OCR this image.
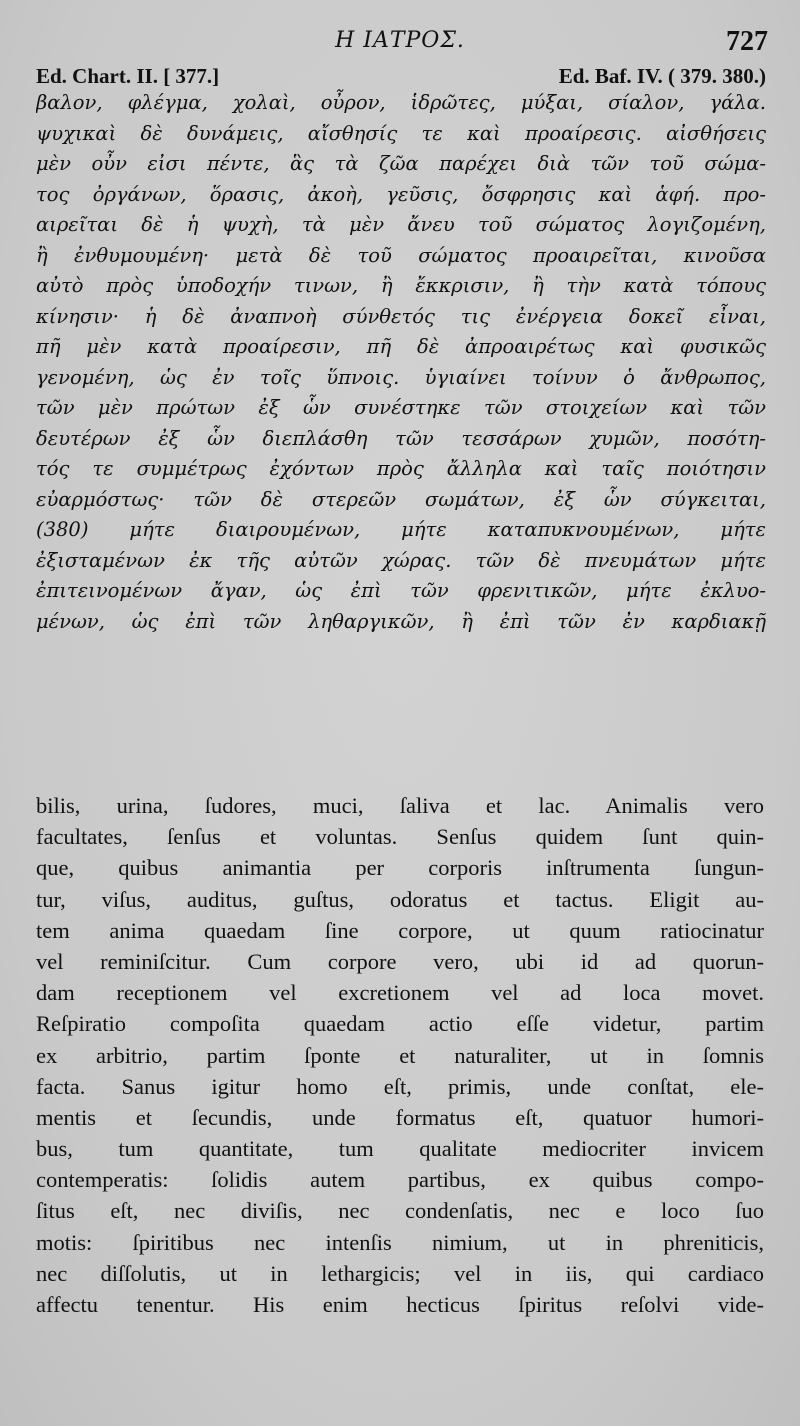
Η ΙΑΤΡΟΣ.	727
Ed. Chart. II. [ 377.]	Ed. Baf. IV. ( 379. 380.)
βαλον, φλέγμα, χολαὶ, οὖρον, ἱδρῶτες, μύξαι, σίαλον, γάλα.
ψυχικαὶ δὲ δυνάμεις, αἴσθησίς τε καὶ προαίρεσις. αἰσθήσεις
μὲν οὖν εἰσι πέντε, ἃς τὰ ζῶα παρέχει διὰ τῶν τοῦ σώμα-
τος ὀργάνων, ὅρασις, ἀκοὴ, γεῦσις, ὄσφρησις καὶ ἁφή. προ-
αιρεῖται δὲ ἡ ψυχὴ, τὰ μὲν ἄνευ τοῦ σώματος λογιζομένη,
ἢ ἐνθυμουμένη· μετὰ δὲ τοῦ σώματος προαιρεῖται, κινοῦσα
αὐτὸ πρὸς ὑποδοχήν τινων, ἢ ἔκκρισιν, ἢ τὴν κατὰ τόπους
κίνησιν· ἡ δὲ ἀναπνοὴ σύνθετός τις ἐνέργεια δοκεῖ εἶναι,
πῆ μὲν κατὰ προαίρεσιν, πῆ δὲ ἀπροαιρέτως καὶ φυσικῶς
γενομένη, ὡς ἐν τοῖς ὕπνοις. ὑγιαίνει τοίνυν ὁ ἄνθρωπος,
τῶν μὲν πρώτων ἐξ ὧν συνέστηκε τῶν στοιχείων καὶ τῶν
δευτέρων ἐξ ὧν διεπλάσθη τῶν τεσσάρων χυμῶν, ποσότη-
τός τε συμμέτρως ἐχόντων πρὸς ἄλληλα καὶ ταῖς ποιότησιν
εὐαρμόστως· τῶν δὲ στερεῶν σωμάτων, ἐξ ὧν σύγκειται,
(380) μήτε διαιρουμένων, μήτε καταπυκνουμένων, μήτε
ἐξισταμένων ἐκ τῆς αὐτῶν χώρας. τῶν δὲ πνευμάτων μήτε
ἐπιτεινομένων ἄγαν, ὡς ἐπὶ τῶν φρενιτικῶν, μήτε ἐκλυο-
μένων, ὡς ἐπὶ τῶν ληθαργικῶν, ἢ ἐπὶ τῶν ἐν καρδιακῇ
bilis, urina, ſudores, muci, ſaliva et lac. Animalis vero
facultates, ſenſus et voluntas. Senſus quidem ſunt quin-
que, quibus animantia per corporis inſtrumenta ſungun-
tur, viſus, auditus, guſtus, odoratus et tactus. Eligit au-
tem anima quaedam ſine corpore, ut quum ratiocinatur
vel reminiſcitur. Cum corpore vero, ubi id ad quorun-
dam receptionem vel excretionem vel ad loca movet.
Reſpiratio compoſita quaedam actio eſſe videtur, partim
ex arbitrio, partim ſponte et naturaliter, ut in ſomnis
facta. Sanus igitur homo eſt, primis, unde conſtat, ele-
mentis et ſecundis, unde formatus eſt, quatuor humori-
bus, tum quantitate, tum qualitate mediocriter invicem
contemperatis: ſolidis autem partibus, ex quibus compo-
ſitus eſt, nec diviſis, nec condenſatis, nec e loco ſuo
motis: ſpiritibus nec intenſis nimium, ut in phreniticis,
nec diſſolutis, ut in lethargicis; vel in iis, qui cardiaco
affectu tenentur. His enim hecticus ſpiritus reſolvi vide-
